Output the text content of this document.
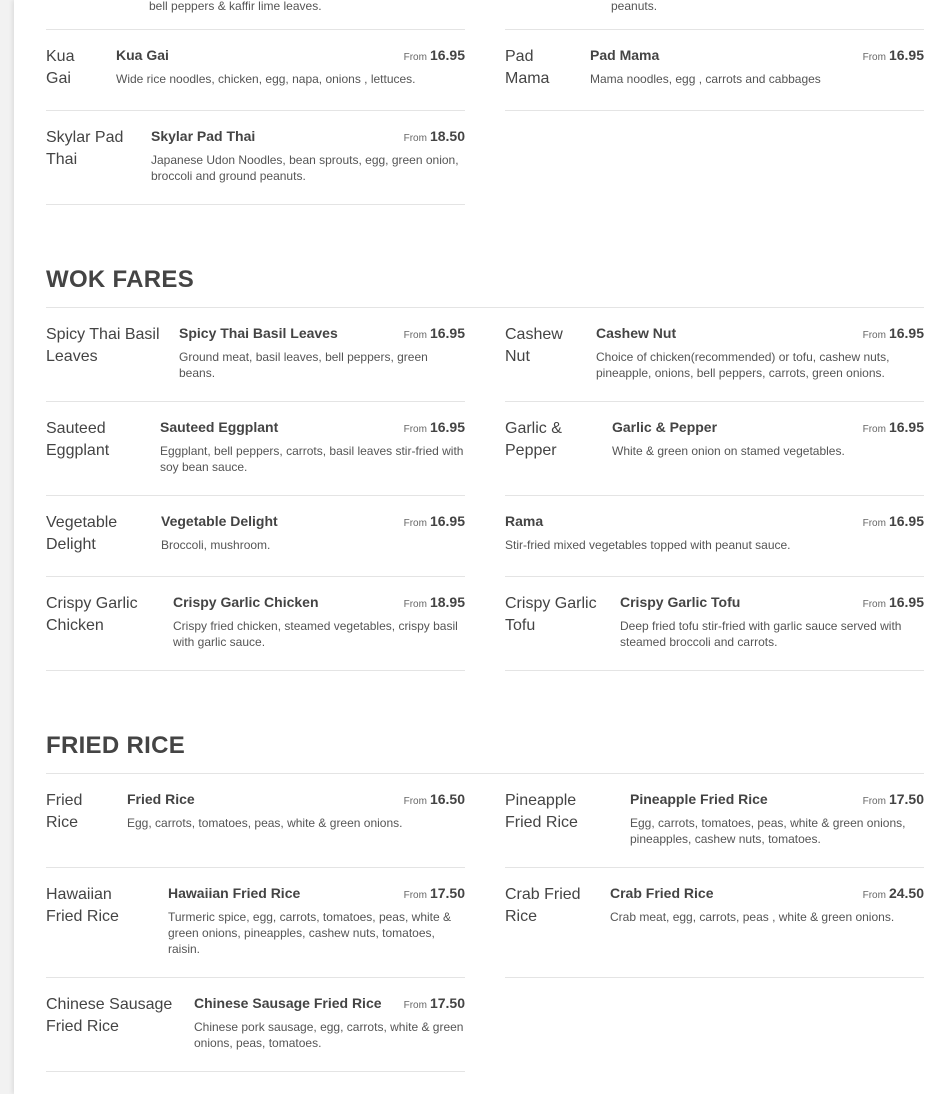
bell peppers & kaffir lime leaves.	peanuts.
Kua Gai
Kua Gai	From 16.95
Wide rice noodles, chicken, egg, napa, onions , lettuces.
Pad Mama
Pad Mama	From 16.95
Mama noodles, egg , carrots and cabbages
Skylar Pad Thai
Skylar Pad Thai	From 18.50
Japanese Udon Noodles, bean sprouts, egg, green onion, broccoli and ground peanuts.
WOK FARES
Spicy Thai Basil Leaves
Spicy Thai Basil Leaves	From 16.95
Ground meat, basil leaves, bell peppers, green beans.
Cashew Nut
Cashew Nut	From 16.95
Choice of chicken(recommended) or tofu, cashew nuts, pineapple, onions, bell peppers, carrots, green onions.
Sauteed Eggplant
Sauteed Eggplant	From 16.95
Eggplant, bell peppers, carrots, basil leaves stir-fried with soy bean sauce.
Garlic & Pepper
Garlic & Pepper	From 16.95
White & green onion on stamed vegetables.
Vegetable Delight
Vegetable Delight	From 16.95
Broccoli, mushroom.
Rama	From 16.95
Stir-fried mixed vegetables topped with peanut sauce.
Crispy Garlic Chicken
Crispy Garlic Chicken	From 18.95
Crispy fried chicken, steamed vegetables, crispy basil with garlic sauce.
Crispy Garlic Tofu
Crispy Garlic Tofu	From 16.95
Deep fried tofu stir-fried with garlic sauce served with steamed broccoli and carrots.
FRIED RICE
Fried Rice
Fried Rice	From 16.50
Egg, carrots, tomatoes, peas, white & green onions.
Pineapple Fried Rice
Pineapple Fried Rice	From 17.50
Egg, carrots, tomatoes, peas, white & green onions, pineapples, cashew nuts, tomatoes.
Hawaiian Fried Rice
Hawaiian Fried Rice	From 17.50
Turmeric spice, egg, carrots, tomatoes, peas, white & green onions, pineapples, cashew nuts, tomatoes, raisin.
Crab Fried Rice
Crab Fried Rice	From 24.50
Crab meat, egg, carrots, peas , white & green onions.
Chinese Sausage Fried Rice
Chinese Sausage Fried Rice From 17.50
Chinese pork sausage, egg, carrots, white & green onions, peas, tomatoes.
